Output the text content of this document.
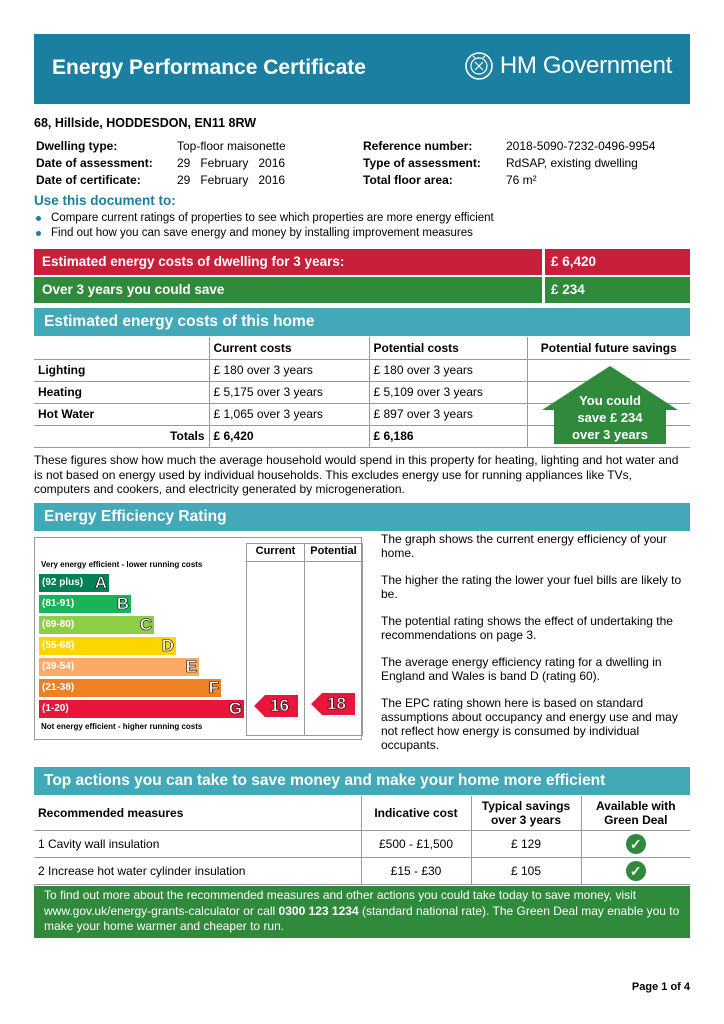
Energy Performance Certificate	HM Government
68, Hillside, HODDESDON, EN11 8RW
Dwelling type:	Top-floor maisonette
Date of assessment: 29   February   2016
Date of certificate:	29   February   2016
Reference number:	2018-5090-7232-0496-9954
Type of assessment: RdSAP, existing dwelling
Total floor area:	76 m²
Use this document to:
Compare current ratings of properties to see which properties are more energy efficient
Find out how you can save energy and money by installing improvement measures
Estimated energy costs of dwelling for 3 years:	£ 6,420
Over 3 years you could save	£ 234
Estimated energy costs of this home
	Current costs	Potential costs	Potential future savings
Lighting	£ 180 over 3 years	£ 180 over 3 years	
Heating	£ 5,175 over 3 years	£ 5,109 over 3 years	
Hot Water	£ 1,065 over 3 years	£ 897 over 3 years	
Totals	£ 6,420	£ 6,186	
You could
save £ 234
over 3 years
These figures show how much the average household would spend in this property for heating, lighting and hot water and is not based on energy used by individual households. This excludes energy use for running appliances like TVs, computers and cookers, and electricity generated by microgeneration.
Energy Efficiency Rating
Current	Potential
Very energy efficient - lower running costs
(92 plus) A
(81-91) B
(69-80)	C
(55-68)	D
(39-54)	E
(21-38)	F
(1-20)	G
Not energy efficient - higher running costs
16 18
The graph shows the current energy efficiency of your home.
The higher the rating the lower your fuel bills are likely to be.
The potential rating shows the effect of undertaking the recommendations on page 3.
The average energy efficiency rating for a dwelling in England and Wales is band D (rating 60).
The EPC rating shown here is based on standard assumptions about occupancy and energy use and may not reflect how energy is consumed by individual occupants.
Top actions you can take to save money and make your home more efficient
Recommended measures	Indicative cost	Typical savings over 3 years	Available with Green Deal
1 Cavity wall insulation	£500 - £1,500	£ 129	✓
2 Increase hot water cylinder insulation	£15 - £30	£ 105	✓
To find out more about the recommended measures and other actions you could take today to save money, visit www.gov.uk/energy-grants-calculator or call 0300 123 1234 (standard national rate). The Green Deal may enable you to make your home warmer and cheaper to run.
Page 1 of 4
